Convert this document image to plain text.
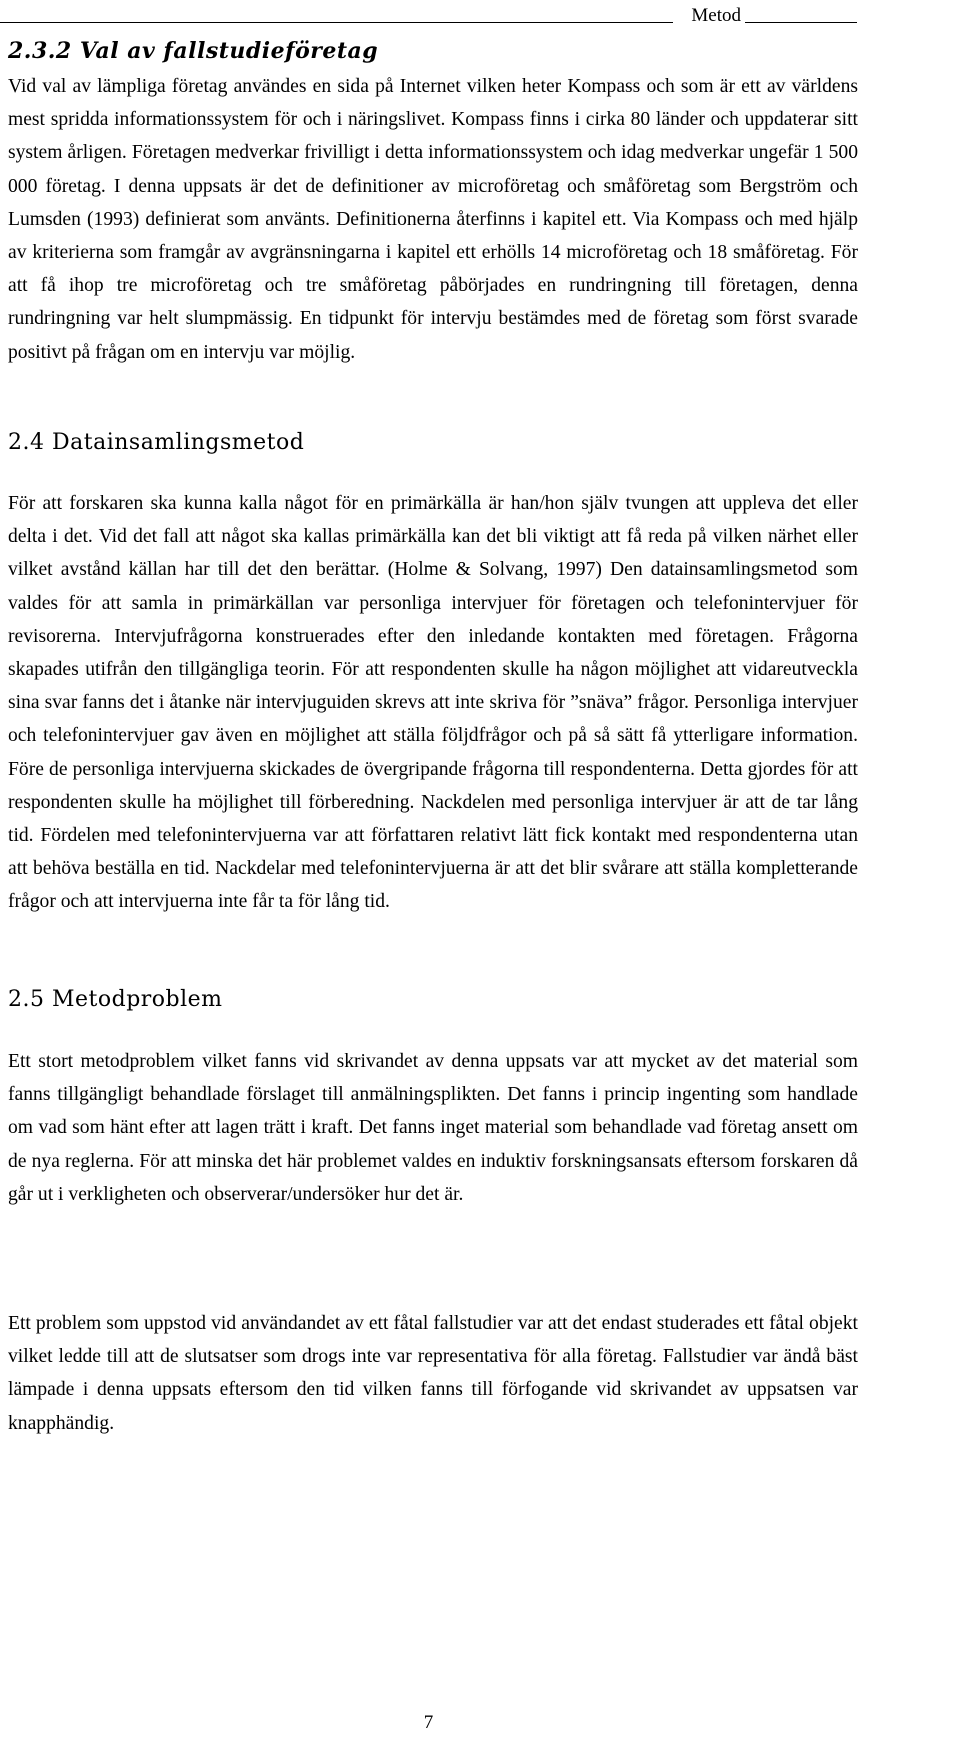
Metod
2.3.2 Val av fallstudieföretag

Vid val av lämpliga företag användes en sida på Internet vilken heter Kompass och som är ett av världens mest spridda informationssystem för och i näringslivet. Kompass finns i cirka 80 länder och uppdaterar sitt system årligen. Företagen medverkar frivilligt i detta informationssystem och idag medverkar ungefär 1 500 000 företag. I denna uppsats är det de definitioner av microföretag och småföretag som Bergström och Lumsden (1993) definierat som använts. Definitionerna återfinns i kapitel ett. Via Kompass och med hjälp av kriterierna som framgår av avgränsningarna i kapitel ett erhölls 14 microföretag och 18 småföretag. För att få ihop tre microföretag och tre småföretag påbörjades en rundringning till företagen, denna rundringning var helt slumpmässig. En tidpunkt för intervju bestämdes med de företag som först svarade positivt på frågan om en intervju var möjlig.

2.4 Datainsamlingsmetod

För att forskaren ska kunna kalla något för en primärkälla är han/hon själv tvungen att uppleva det eller delta i det. Vid det fall att något ska kallas primärkälla kan det bli viktigt att få reda på vilken närhet eller vilket avstånd källan har till det den berättar. (Holme & Solvang, 1997) Den datainsamlingsmetod som valdes för att samla in primärkällan var personliga intervjuer för företagen och telefonintervjuer för revisorerna. Intervjufrågorna konstruerades efter den inledande kontakten med företagen. Frågorna skapades utifrån den tillgängliga teorin. För att respondenten skulle ha någon möjlighet att vidareutveckla sina svar fanns det i åtanke när intervjuguiden skrevs att inte skriva för ”snäva” frågor. Personliga intervjuer och telefonintervjuer gav även en möjlighet att ställa följdfrågor och på så sätt få ytterligare information. Före de personliga intervjuerna skickades de övergripande frågorna till respondenterna. Detta gjordes för att respondenten skulle ha möjlighet till förberedning. Nackdelen med personliga intervjuer är att de tar lång tid. Fördelen med telefonintervjuerna var att författaren relativt lätt fick kontakt med respondenterna utan att behöva beställa en tid. Nackdelar med telefonintervjuerna är att det blir svårare att ställa kompletterande frågor och att intervjuerna inte får ta för lång tid.

2.5 Metodproblem

Ett stort metodproblem vilket fanns vid skrivandet av denna uppsats var att mycket av det material som fanns tillgängligt behandlade förslaget till anmälningsplikten. Det fanns i princip ingenting som handlade om vad som hänt efter att lagen trätt i kraft. Det fanns inget material som behandlade vad företag ansett om de nya reglerna. För att minska det här problemet valdes en induktiv forskningsansats eftersom forskaren då går ut i verkligheten och observerar/undersöker hur det är.

Ett problem som uppstod vid användandet av ett fåtal fallstudier var att det endast studerades ett fåtal objekt vilket ledde till att de slutsatser som drogs inte var representativa för alla företag. Fallstudier var ändå bäst lämpade i denna uppsats eftersom den tid vilken fanns till förfogande vid skrivandet av uppsatsen var knapphändig.

7
